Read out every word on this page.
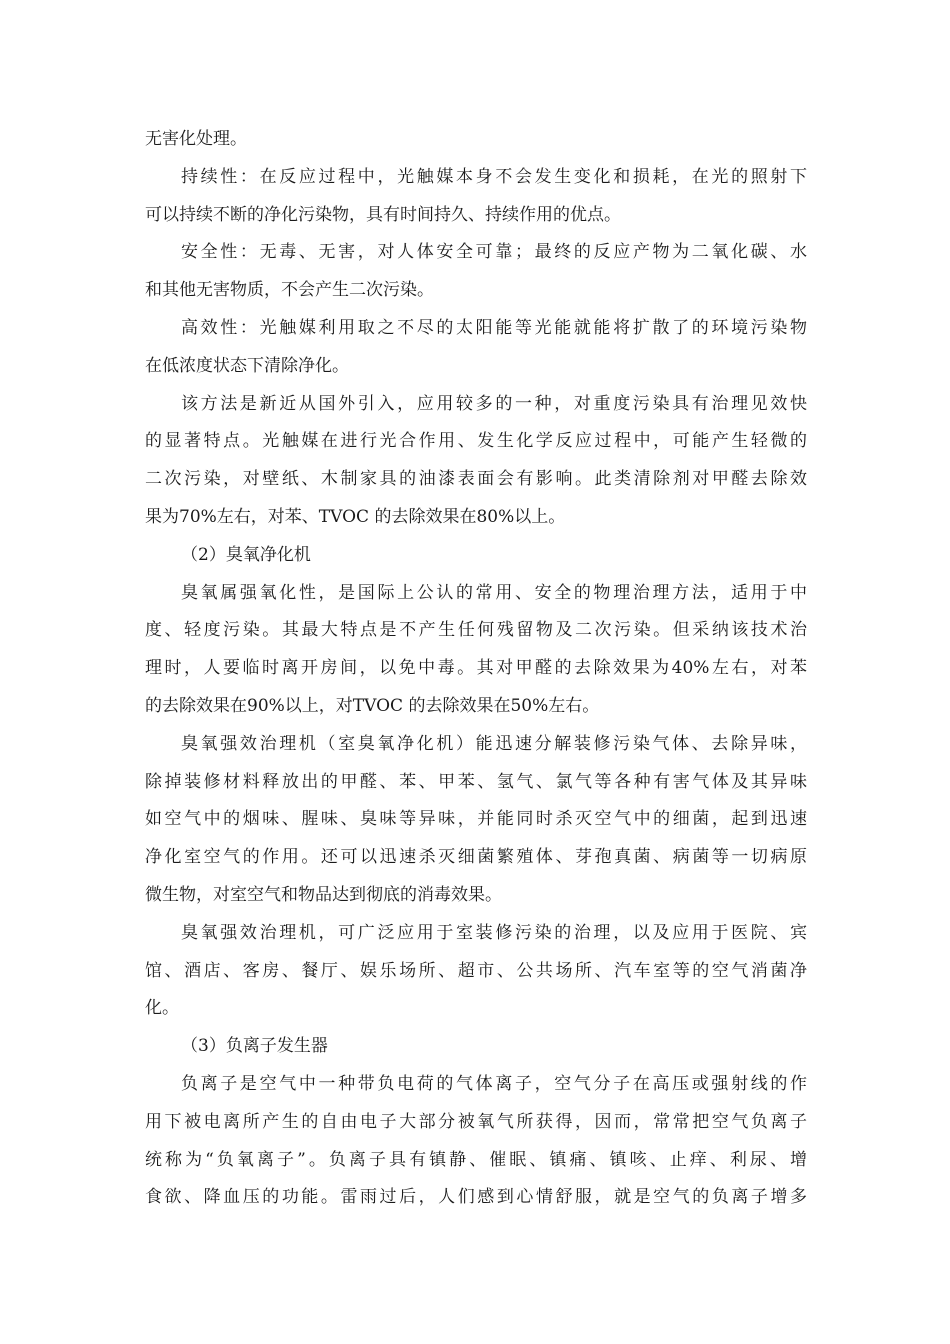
无害化处理。
持续性：在反应过程中，光触媒本身不会发生变化和损耗，在光的照射下
可以持续不断的净化污染物，具有时间持久、持续作用的优点。
安全性：无毒、无害，对人体安全可靠；最终的反应产物为二氧化碳、水
和其他无害物质，不会产生二次污染。
高效性：光触媒利用取之不尽的太阳能等光能就能将扩散了的环境污染物
在低浓度状态下清除净化。
该方法是新近从国外引入，应用较多的一种，对重度污染具有治理见效快
的显著特点。光触媒在进行光合作用、发生化学反应过程中，可能产生轻微的
二次污染，对壁纸、木制家具的油漆表面会有影响。此类清除剂对甲醛去除效
果为70%左右，对苯、TVOC 的去除效果在80%以上。
（2）臭氧净化机
臭氧属强氧化性，是国际上公认的常用、安全的物理治理方法，适用于中
度、轻度污染。其最大特点是不产生任何残留物及二次污染。但采纳该技术治
理时，人要临时离开房间，以免中毒。其对甲醛的去除效果为40%左右，对苯
的去除效果在90%以上，对TVOC 的去除效果在50%左右。
臭氧强效治理机（室臭氧净化机）能迅速分解装修污染气体、去除异味，
除掉装修材料释放出的甲醛、苯、甲苯、氢气、氯气等各种有害气体及其异味
如空气中的烟味、腥味、臭味等异味，并能同时杀灭空气中的细菌，起到迅速
净化室空气的作用。还可以迅速杀灭细菌繁殖体、芽孢真菌、病菌等一切病原
微生物，对室空气和物品达到彻底的消毒效果。
臭氧强效治理机，可广泛应用于室装修污染的治理，以及应用于医院、宾
馆、酒店、客房、餐厅、娱乐场所、超市、公共场所、汽车室等的空气消菌净
化。
（3）负离子发生器
负离子是空气中一种带负电荷的气体离子，空气分子在高压或强射线的作
用下被电离所产生的自由电子大部分被氧气所获得，因而，常常把空气负离子
统称为“负氧离子”。负离子具有镇静、催眠、镇痛、镇咳、止痒、利尿、增
食欲、降血压的功能。雷雨过后，人们感到心情舒服，就是空气的负离子增多
